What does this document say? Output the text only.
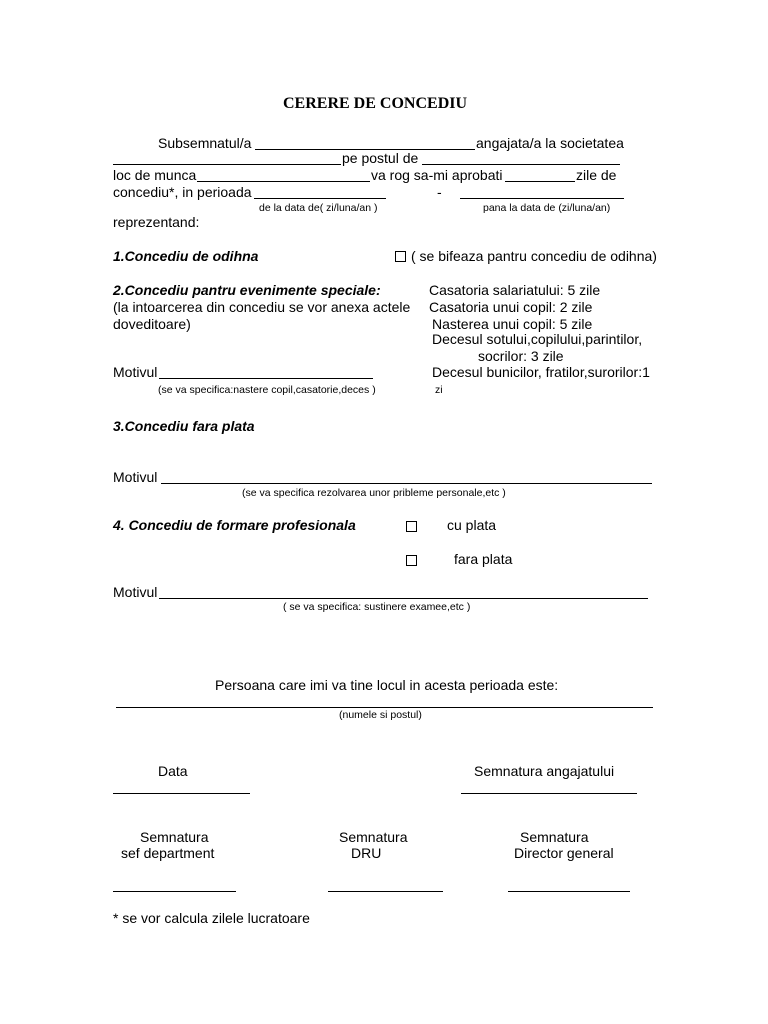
CERERE DE CONCEDIU
Subsemnatul/a	angajata/a la societatea
pe postul de
loc de munca	va rog sa-mi aprobati	zile de
concediu*, in perioada	-
de la data de( zi/luna/an )	pana la data de (zi/luna/an)
reprezentand:
1.Concediu de odihna	( se bifeaza pantru concediu de odihna)
2.Concediu pantru evenimente speciale:
(la intoarcerea din concediu se vor anexa actele
doveditoare)
Casatoria salariatului: 5 zile
Casatoria unui copil: 2 zile
Nasterea unui copil: 5 zile
Decesul sotului,copilului,parintilor,
socrilor: 3 zile
Motivul	Decesul bunicilor, fratilor,surorilor:1
(se va specifica:nastere copil,casatorie,deces )	zi
3.Concediu fara plata
Motivul
(se va specifica rezolvarea unor pribleme personale,etc )
4. Concediu de formare profesionala	cu plata
fara plata
Motivul
( se va specifica: sustinere examee,etc )
Persoana care imi va tine locul in acesta perioada este:
(numele si postul)
Data	Semnatura angajatului
Semnatura
sef department
Semnatura
DRU
Semnatura
Director general
* se vor calcula zilele lucratoare
